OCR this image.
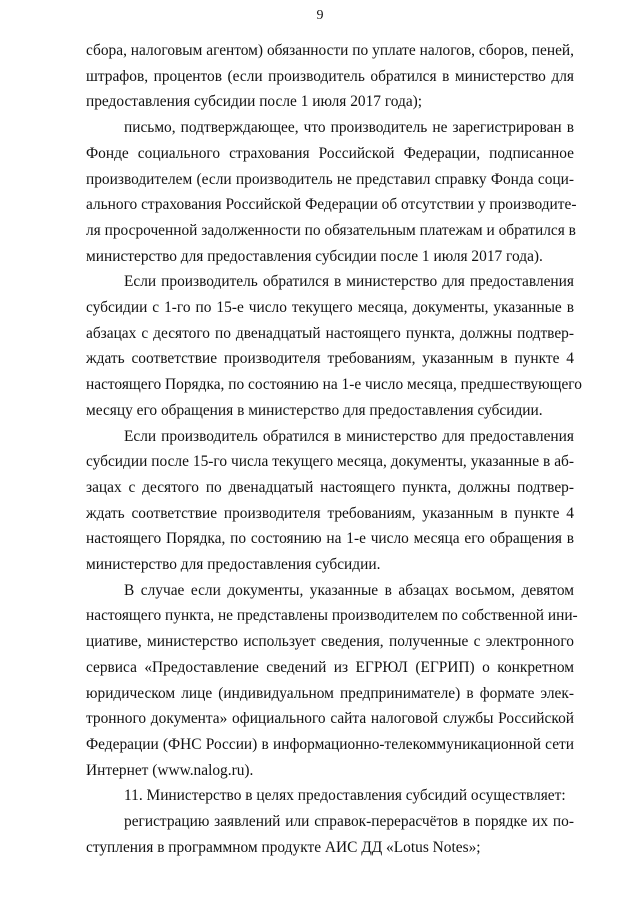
9

сбора, налоговым агентом) обязанности по уплате налогов, сборов, пеней,
штрафов, процентов (если производитель обратился в министерство для
предоставления субсидии после 1 июля 2017 года);

письмо, подтверждающее, что производитель не зарегистрирован в
Фонде социального страхования Российской Федерации, подписанное
производителем (если производитель не представил справку Фонда соци-
ального страхования Российской Федерации об отсутствии у производите-
ля просроченной задолженности по обязательным платежам и обратился в
министерство для предоставления субсидии после 1 июля 2017 года).

Если производитель обратился в министерство для предоставления
субсидии с 1-го по 15-е число текущего месяца, документы, указанные в
абзацах с десятого по двенадцатый настоящего пункта, должны подтвер-
ждать соответствие производителя требованиям, указанным в пункте 4
настоящего Порядка, по состоянию на 1-е число месяца, предшествующего
месяцу его обращения в министерство для предоставления субсидии.

Если производитель обратился в министерство для предоставления
субсидии после 15-го числа текущего месяца, документы, указанные в аб-
зацах с десятого по двенадцатый настоящего пункта, должны подтвер-
ждать соответствие производителя требованиям, указанным в пункте 4
настоящего Порядка, по состоянию на 1-е число месяца его обращения в
министерство для предоставления субсидии.

В случае если документы, указанные в абзацах восьмом, девятом
настоящего пункта, не представлены производителем по собственной ини-
циативе, министерство использует сведения, полученные с электронного
сервиса «Предоставление сведений из ЕГРЮЛ (ЕГРИП) о конкретном
юридическом лице (индивидуальном предпринимателе) в формате элек-
тронного документа» официального сайта налоговой службы Российской
Федерации (ФНС России) в информационно-телекоммуникационной сети
Интернет (www.nalog.ru).

11. Министерство в целях предоставления субсидий осуществляет:

регистрацию заявлений или справок-перерасчётов в порядке их по-
ступления в программном продукте АИС ДД «Lotus Notes»;
